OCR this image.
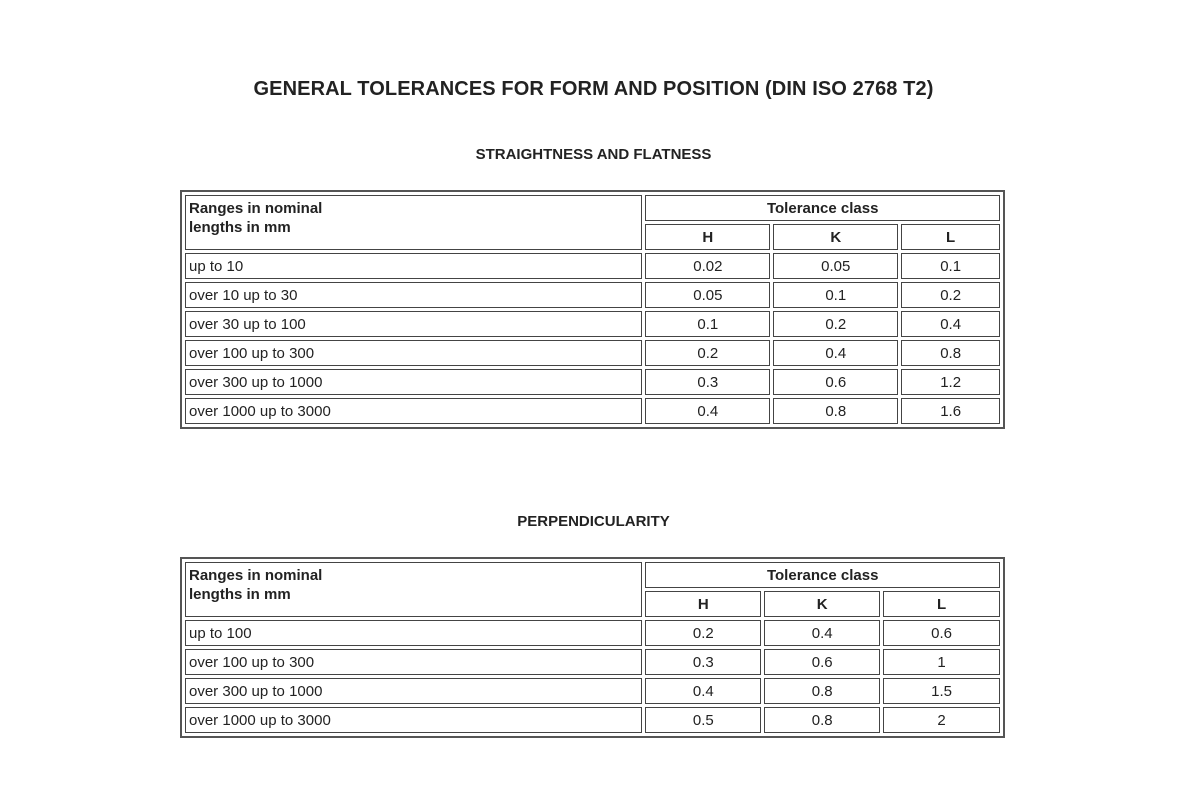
GENERAL TOLERANCES FOR FORM AND POSITION (DIN ISO 2768 T2)
STRAIGHTNESS AND FLATNESS
Ranges in nominal
lengths in mm	Tolerance class		
	H	K	L
up to 10	0.02	0.05	0.1
over 10 up to 30	0.05	0.1	0.2
over 30 up to 100	0.1	0.2	0.4
over 100 up to 300	0.2	0.4	0.8
over 300 up to 1000	0.3	0.6	1.2
over 1000 up to 3000	0.4	0.8	1.6
PERPENDICULARITY
Ranges in nominal
lengths in mm	Tolerance class		
	H	K	L
up to 100	0.2	0.4	0.6
over 100 up to 300	0.3	0.6	1
over 300 up to 1000	0.4	0.8	1.5
over 1000 up to 3000	0.5	0.8	2
